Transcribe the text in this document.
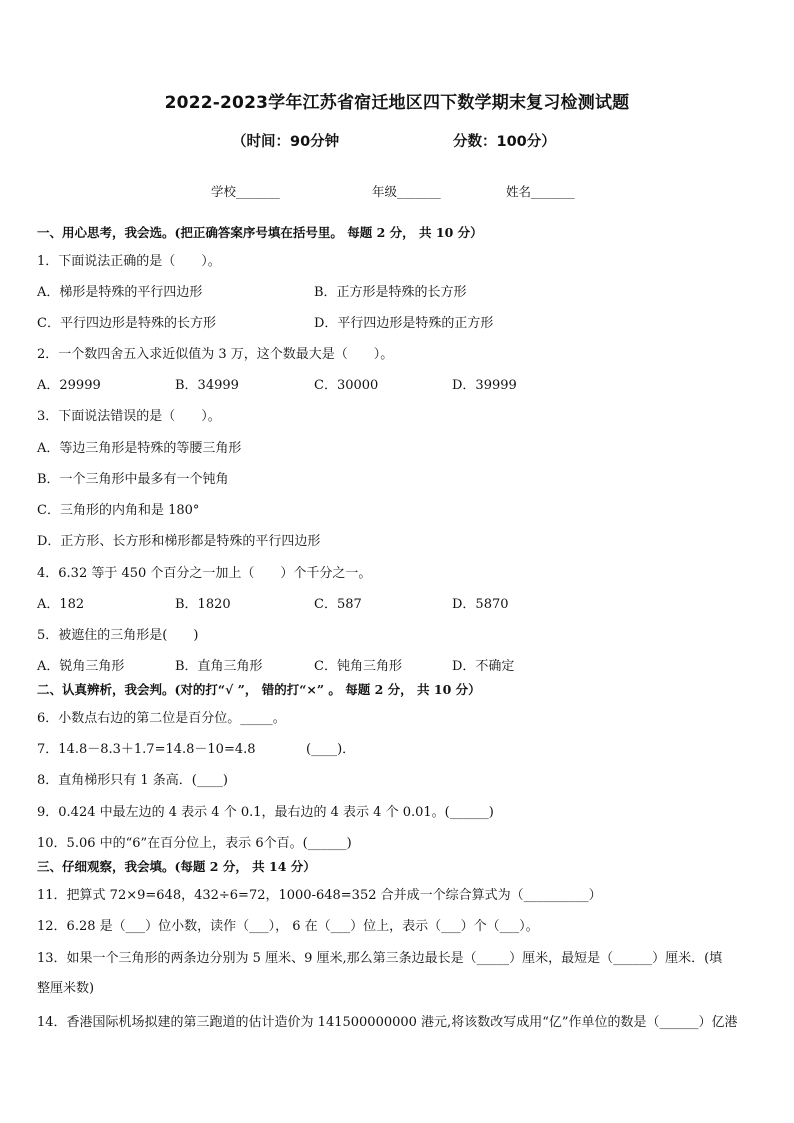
2022-2023学年江苏省宿迁地区四下数学期末复习检测试题
（时间：90分钟	分数：100分）
学校_______	年级_______	姓名_______
一、用心思考，我会选。(把正确答案序号填在括号里。 每题 2 分， 共 10 分）
1．下面说法正确的是（　　）。
A．梯形是特殊的平行四边形	B．正方形是特殊的长方形
C．平行四边形是特殊的长方形	D．平行四边形是特殊的正方形
2．一个数四舍五入求近似值为 3 万，这个数最大是（　　）。
A．29999	B．34999	C．30000	D．39999
3．下面说法错误的是（　　）。
A．等边三角形是特殊的等腰三角形
B．一个三角形中最多有一个钝角
C．三角形的内角和是 180°
D．正方形、长方形和梯形都是特殊的平行四边形
4．6.32 等于 450 个百分之一加上（　　）个千分之一。
A．182	B．1820	C．587	D．5870
5．被遮住的三角形是(　　)
A．锐角三角形	B．直角三角形	C．钝角三角形	D．不确定
二、认真辨析，我会判。(对的打“√ ”， 错的打“×” 。 每题 2 分， 共 10 分）
6．小数点右边的第二位是百分位。_____。
7．14.8－8.3＋1.7=14.8－10=4.8	(____)．
8．直角梯形只有 1 条高．(____)
9．0.424 中最左边的 4 表示 4 个 0.1，最右边的 4 表示 4 个 0.01。(______)
10．5.06 中的“6”在百分位上，表示 6个百。(______)
三、仔细观察，我会填。(每题 2 分， 共 14 分）
11．把算式 72×9=648，432÷6=72，1000-648=352 合并成一个综合算式为（__________）
12．6.28 是（___）位小数，读作（___）， 6 在（___）位上，表示（___）个（___）。
13．如果一个三角形的两条边分别为 5 厘米、9 厘米,那么第三条边最长是（_____）厘米，最短是（______）厘米．(填
整厘米数)
14．香港国际机场拟建的第三跑道的估计造价为 141500000000 港元,将该数改写成用“亿”作单位的数是（______）亿港
